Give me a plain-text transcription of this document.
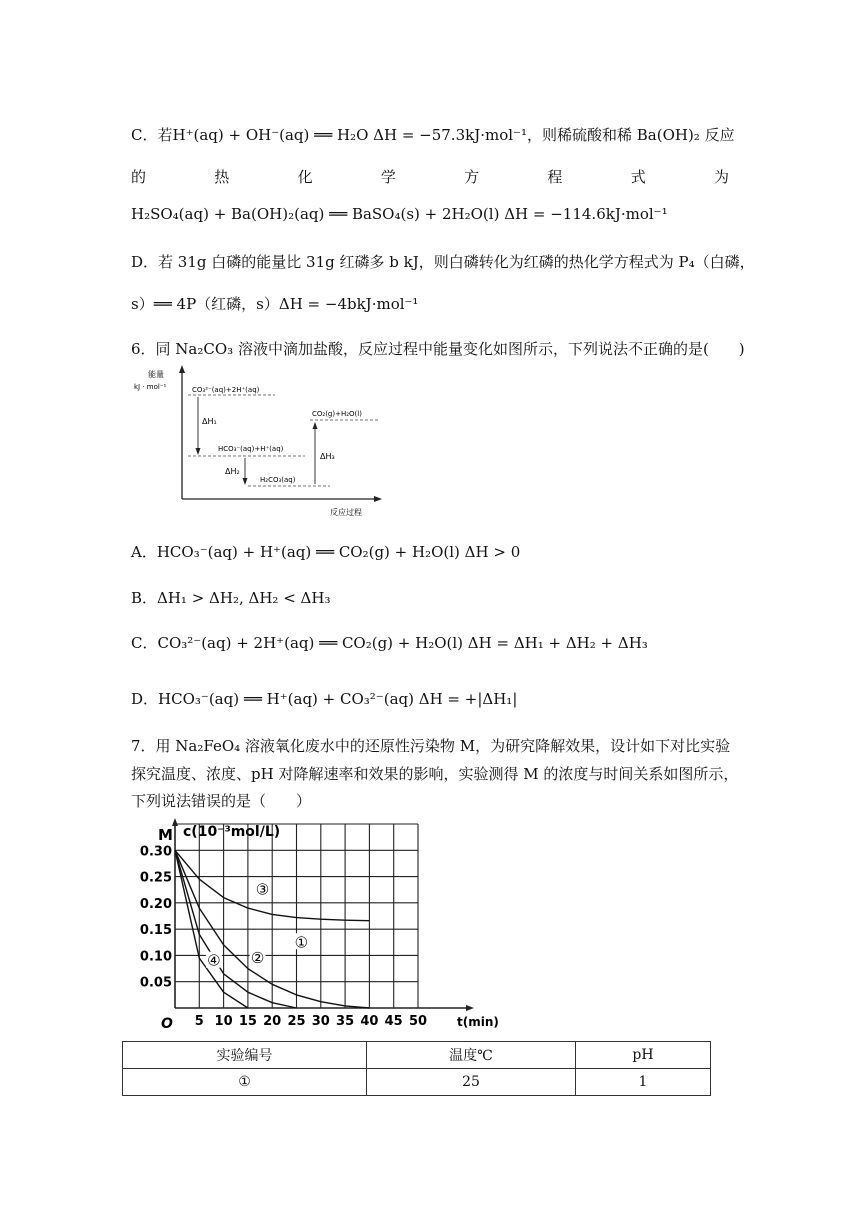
C．若H⁺(aq) + OH⁻(aq) ══ H₂O ΔH = −57.3kJ·mol⁻¹，则稀硫酸和稀 Ba(OH)₂ 反应
的	热	化	学	方	程	式	为
H₂SO₄(aq) + Ba(OH)₂(aq) ══ BaSO₄(s) + 2H₂O(l) ΔH = −114.6kJ·mol⁻¹
D．若 31g 白磷的能量比 31g 红磷多 b kJ，则白磷转化为红磷的热化学方程式为 P₄（白磷，
s）══ 4P（红磷，s）ΔH = −4bkJ·mol⁻¹
6．同 Na₂CO₃ 溶液中滴加盐酸，反应过程中能量变化如图所示，下列说法不正确的是(　　)
能量
kJ · mol⁻¹
反应过程
CO₃²⁻(aq)+2H⁺(aq)
HCO₃⁻(aq)+H⁺(aq)
H₂CO₃(aq)
CO₂(g)+H₂O(l)
ΔH₁
ΔH₂
ΔH₃
A．HCO₃⁻(aq) + H⁺(aq) ══ CO₂(g) + H₂O(l) ΔH > 0
B．ΔH₁ > ΔH₂, ΔH₂ < ΔH₃
C．CO₃²⁻(aq) + 2H⁺(aq) ══ CO₂(g) + H₂O(l) ΔH = ΔH₁ + ΔH₂ + ΔH₃
D．HCO₃⁻(aq) ══ H⁺(aq) + CO₃²⁻(aq) ΔH = +|ΔH₁|
7．用 Na₂FeO₄ 溶液氧化废水中的还原性污染物 M，为研究降解效果，设计如下对比实验
探究温度、浓度、pH 对降解速率和效果的影响，实验测得 M 的浓度与时间关系如图所示，
下列说法错误的是（　　）
M c(10⁻³mol/L)
t(min)
O 5 10 15 20 25 30 35 40 45 50
0.30
0.25
0.20
0.15
0.10
0.05
①
②
③
④
实验编号	温度℃	pH
①	25	1
